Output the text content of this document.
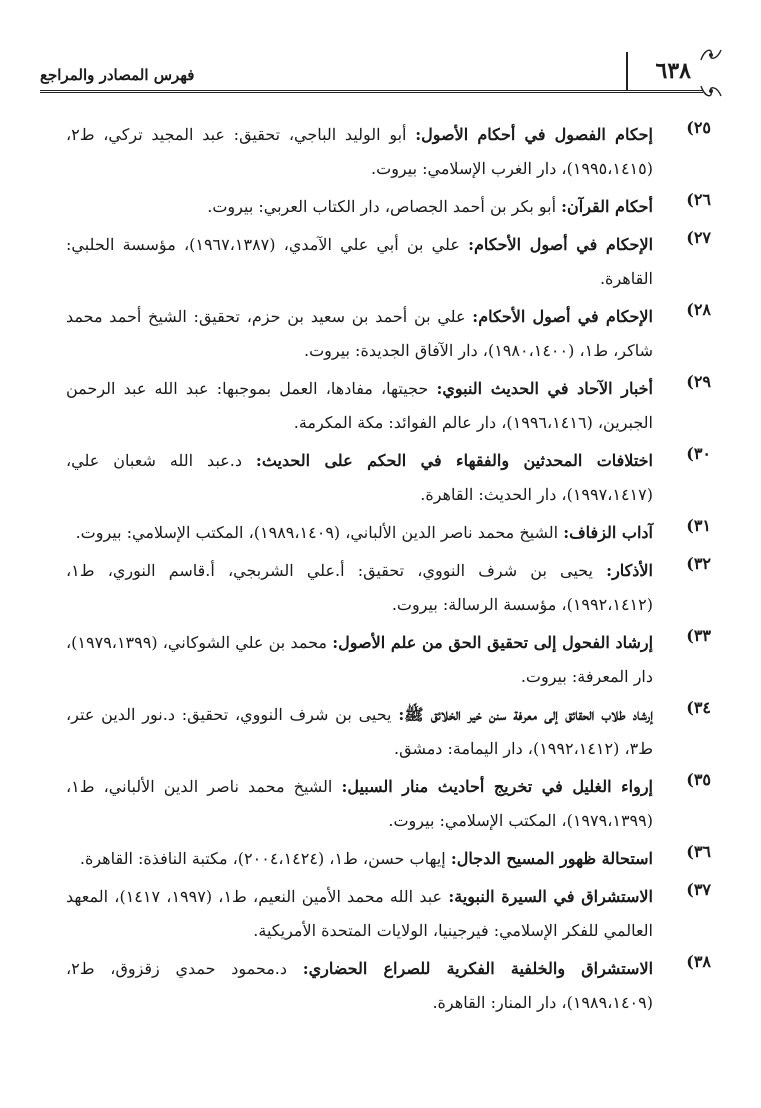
فهرس المصادر والمراجع	٦٣٨
٢٥)
إحكام الفصول في أحكام الأصول: أبو الوليد الباجي، تحقيق: عبد المجيد تركي، ط٢، (١٩٩٥،١٤١٥)، دار الغرب الإسلامي: بيروت.
٢٦)
أحكام القرآن: أبو بكر بن أحمد الجصاص، دار الكتاب العربي: بيروت.
٢٧)
الإحكام في أصول الأحكام: علي بن أبي علي الآمدي، (١٩٦٧،١٣٨٧)، مؤسسة الحلبي: القاهرة.
٢٨)
الإحكام في أصول الأحكام: علي بن أحمد بن سعيد بن حزم، تحقيق: الشيخ أحمد محمد شاكر، ط١، (١٩٨٠،١٤٠٠)، دار الآفاق الجديدة: بيروت.
٢٩)
أخبار الآحاد في الحديث النبوي: حجيتها، مفادها، العمل بموجبها: عبد الله عبد الرحمن الجبرين، (١٩٩٦،١٤١٦)، دار عالم الفوائد: مكة المكرمة.
٣٠)
اختلافات المحدثين والفقهاء في الحكم على الحديث: د.عبد الله شعبان علي، (١٩٩٧،١٤١٧)، دار الحديث: القاهرة.
٣١)
آداب الزفاف: الشيخ محمد ناصر الدين الألباني، (١٩٨٩،١٤٠٩)، المكتب الإسلامي: بيروت.
٣٢)
الأذكار: يحيى بن شرف النووي، تحقيق: أ.علي الشربجي، أ.قاسم النوري، ط١، (١٩٩٢،١٤١٢)، مؤسسة الرسالة: بيروت.
٣٣)
إرشاد الفحول إلى تحقيق الحق من علم الأصول: محمد بن علي الشوكاني، (١٩٧٩،١٣٩٩)، دار المعرفة: بيروت.
٣٤)
إرشاد طلاب الحقائق إلى معرفة سنن خير الخلائق ﷺ: يحيى بن شرف النووي، تحقيق: د.نور الدين عتر، ط٣، (١٩٩٢،١٤١٢)، دار اليمامة: دمشق.
٣٥)
إرواء الغليل في تخريج أحاديث منار السبيل: الشيخ محمد ناصر الدين الألباني، ط١، (١٩٧٩،١٣٩٩)، المكتب الإسلامي: بيروت.
٣٦)
استحالة ظهور المسيح الدجال: إيهاب حسن، ط١، (٢٠٠٤،١٤٢٤)، مكتبة النافذة: القاهرة.
٣٧)
الاستشراق في السيرة النبوية: عبد الله محمد الأمين النعيم، ط١، (١٩٩٧، ١٤١٧)، المعهد العالمي للفكر الإسلامي: فيرجينيا، الولايات المتحدة الأمريكية.
٣٨)
الاستشراق والخلفية الفكرية للصراع الحضاري: د.محمود حمدي زقزوق، ط٢، (١٩٨٩،١٤٠٩)، دار المنار: القاهرة.
